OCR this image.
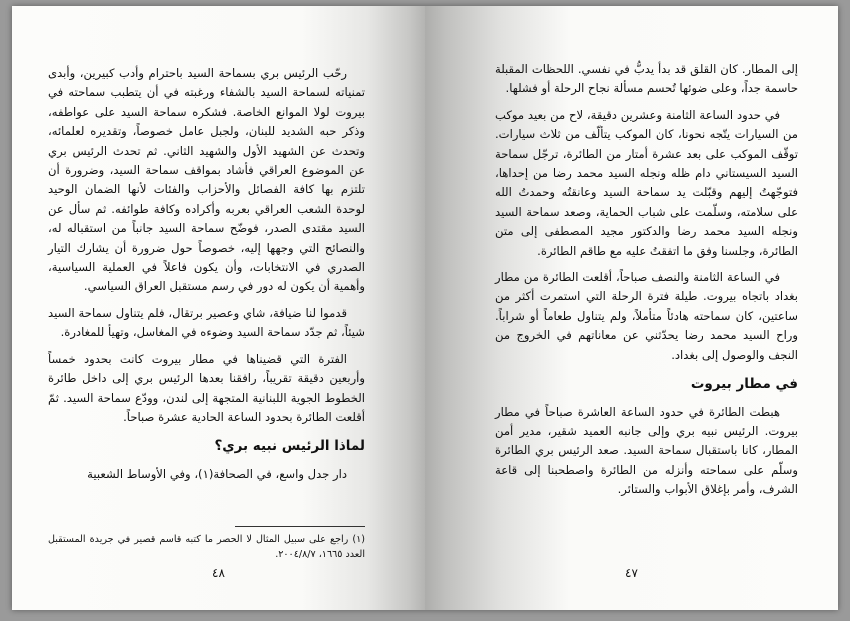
رحّب الرئيس بري بسماحة السيد باحترام وأدب كبيرين، وأبدى تمنياته لسماحة السيد بالشفاء ورغبته في أن يتطبب سماحته في بيروت لولا الموانع الخاصة. فشكره سماحة السيد على عواطفه، وذكر حبه الشديد للبنان، ولجبل عامل خصوصاً، وتقديره لعلمائه، وتحدث عن الشهيد الأول والشهيد الثاني. ثم تحدث الرئيس بري عن الموضوع العراقي فأشاد بمواقف سماحة السيد، وضرورة أن تلتزم بها كافة الفصائل والأحزاب والفئات لأنها الضمان الوحيد لوحدة الشعب العراقي بعربه وأكراده وكافة طوائفه. ثم سأل عن السيد مقتدى الصدر، فوضّح سماحة السيد جانباً من استقباله له، والنصائح التي وجهها إليه، خصوصاً حول ضرورة أن يشارك التيار الصدري في الانتخابات، وأن يكون فاعلاً في العملية السياسية، وأهمية أن يكون له دور في رسم مستقبل العراق السياسي.

قدموا لنا ضيافة، شاي وعصير برتقال، فلم يتناول سماحة السيد شيئاً، ثم جدّد سماحة السيد وضوءه في المغاسل، وتهيأ للمغادرة.

الفترة التي قضيناها في مطار بيروت كانت بحدود خمساً وأربعين دقيقة تقريباً، رافقنا بعدها الرئيس بري إلى داخل طائرة الخطوط الجوية اللبنانية المتجهة إلى لندن، وودّع سماحة السيد. ثمّ أقلعت الطائرة بحدود الساعة الحادية عشرة صباحاً.

لماذا الرئيس نبيه بري؟

دار جدل واسع، في الصحافة(١)، وفي الأوساط الشعبية

(١) راجع على سبيل المثال لا الحصر ما كتبه قاسم قصير في جريدة المستقبل العدد ١٦٦٥، ٢٠٠٤/٨/٧.
٤٨

إلى المطار. كان القلق قد بدأ يدبُّ في نفسي. اللحظات المقبلة حاسمة جداً، وعلى ضوئها تُحسم مسألة نجاح الرحلة أو فشلها.

في حدود الساعة الثامنة وعشرين دقيقة، لاح من بعيد موكب من السيارات يتّجه نحونا، كان الموكب يتألّف من ثلاث سيارات. توقّف الموكب على بعد عشرة أمتار من الطائرة، ترجّل سماحة السيد السيستاني دام ظله ونجله السيد محمد رضا من إحداها، فتوجّهتُ إليهم وقبّلت يد سماحة السيد وعانقتُه وحمدتُ الله على سلامته، وسلّمت على شباب الحماية، وصعد سماحة السيد ونجله السيد محمد رضا والدكتور مجيد المصطفى إلى متن الطائرة، وجلسنا وفق ما اتفقتُ عليه مع طاقم الطائرة.

في الساعة الثامنة والنصف صباحاً، أقلعت الطائرة من مطار بغداد باتجاه بيروت. طيلة فترة الرحلة التي استمرت أكثر من ساعتين، كان سماحته هادئاً متأملاً، ولم يتناول طعاماً أو شراباً. وراح السيد محمد رضا يحدّثني عن معاناتهم في الخروج من النجف والوصول إلى بغداد.

في مطار بيروت

هبطت الطائرة في حدود الساعة العاشرة صباحاً في مطار بيروت. الرئيس نبيه بري وإلى جانبه العميد شقير، مدير أمن المطار، كانا باستقبال سماحة السيد. صعد الرئيس بري الطائرة وسلّم على سماحته وأنزله من الطائرة واصطحبنا إلى قاعة الشرف، وأمر بإغلاق الأبواب والستائر.

٤٧
